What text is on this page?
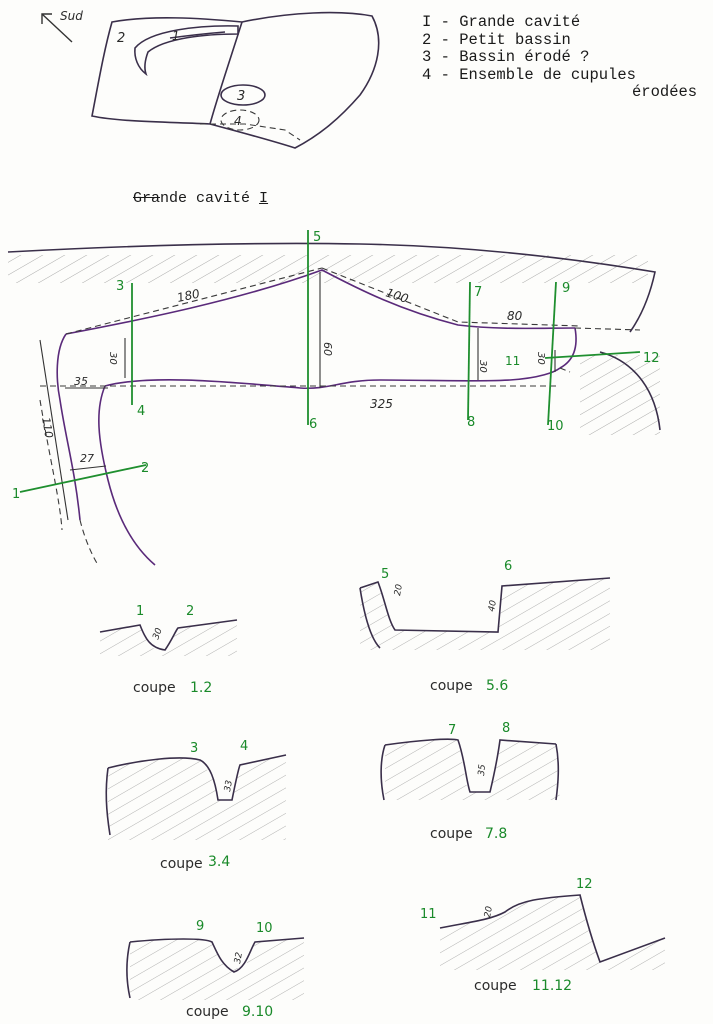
I - Grande cavité
2 - Petit bassin
3 - Bassin érodé ?
4 - Ensemble de cupules
érodées
Grande cavité I
Sud
2	1
3
4
3
4
5
6
7
8
9
10
11	12
1
2
180	100
80
60
30
30
35
325
27
110
30
1	2
30
coupe 1.2
5
6
20
40
coupe 5.6
3	4
33
coupe 3.4
7	8
35
coupe 7.8
9	10
32
coupe 9.10
11
12
20
coupe 11.12
